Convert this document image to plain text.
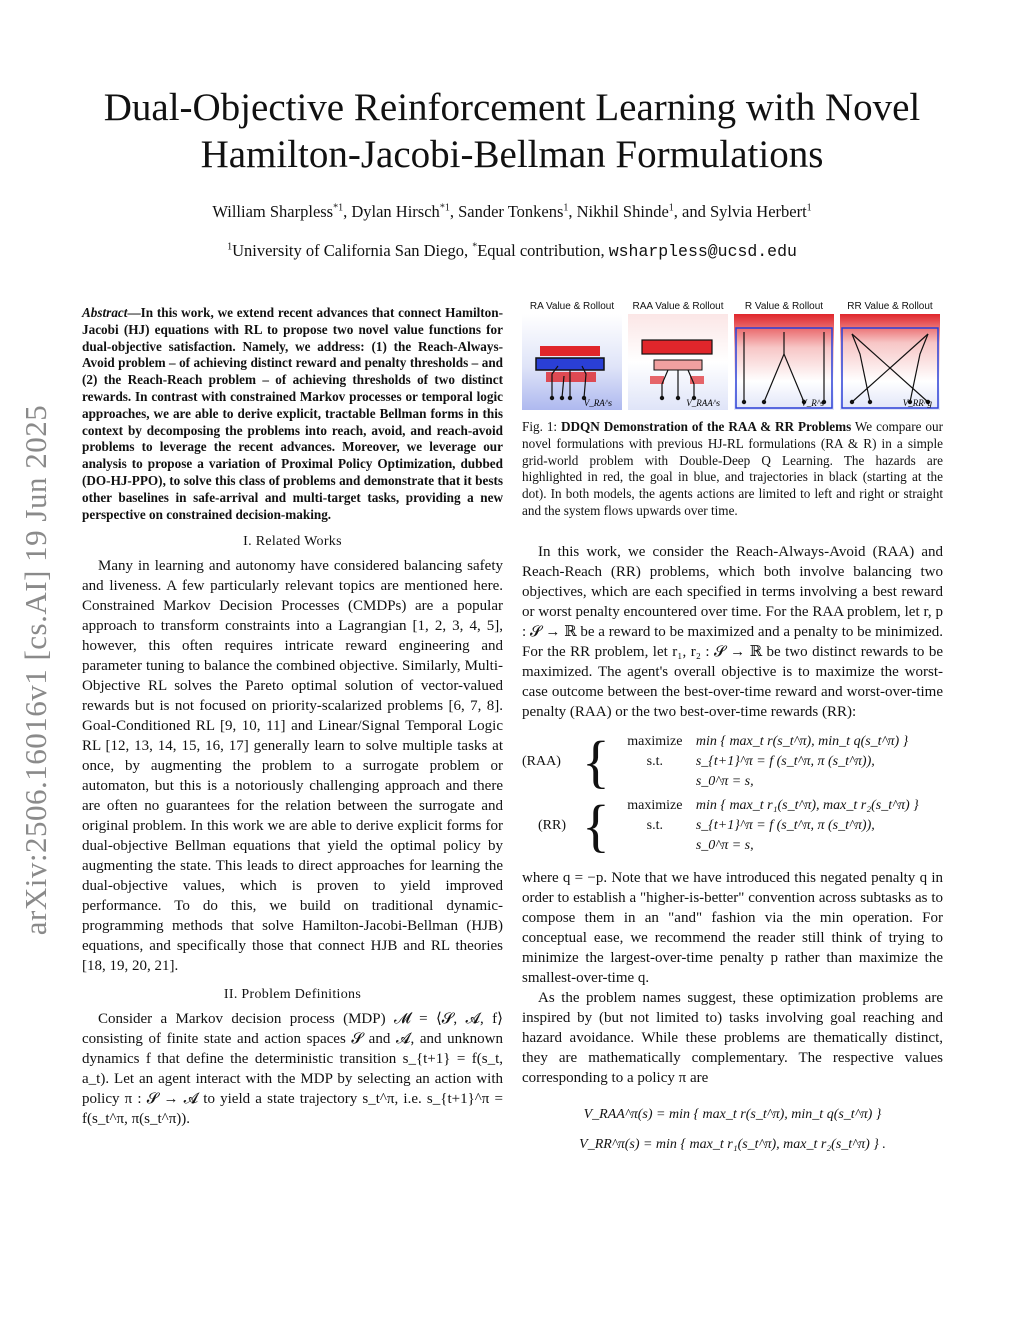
arXiv:2506.16016v1 [cs.AI] 19 Jun 2025
Dual-Objective Reinforcement Learning with Novel
Hamilton-Jacobi-Bellman Formulations
William Sharpless$^{*1}$, Dylan Hirsch$^{*1}$, Sander Tonkens$^1$, Nikhil Shinde$^1$, and Sylvia Herbert$^1$
$^1$University of California San Diego, *Equal contribution, wsharpless@ucsd.edu
Abstract—In this work, we extend recent advances that connect Hamilton-Jacobi (HJ) equations with RL to propose two novel value functions for dual-objective satisfaction. Namely, we address: (1) the Reach-Always-Avoid problem – of achieving distinct reward and penalty thresholds – and (2) the Reach-Reach problem – of achieving thresholds of two distinct rewards. In contrast with constrained Markov processes or temporal logic approaches, we are able to derive explicit, tractable Bellman forms in this context by decomposing the problems into reach, avoid, and reach-avoid problems to leverage the recent advances. Moreover, we leverage our analysis to propose a variation of Proximal Policy Optimization, dubbed (DO-HJ-PPO), to solve this class of problems and demonstrate that it bests other baselines in safe-arrival and multi-target tasks, providing a new perspective on constrained decision-making.
I. Related Works

Many in learning and autonomy have considered balancing safety and liveness. A few particularly relevant topics are mentioned here. Constrained Markov Decision Processes (CMDPs) are a popular approach to transform constraints into a Lagrangian [1, 2, 3, 4, 5], however, this often requires intricate reward engineering and parameter tuning to balance the combined objective. Similarly, Multi-Objective RL solves the Pareto optimal solution of vector-valued rewards but is not focused on priority-scalarized problems [6, 7, 8]. Goal-Conditioned RL [9, 10, 11] and Linear/Signal Temporal Logic RL [12, 13, 14, 15, 16, 17] generally learn to solve multiple tasks at once, by augmenting the problem to a surrogate problem or automaton, but this is a notoriously challenging approach and there are often no guarantees for the relation between the surrogate and original problem. In this work we are able to derive explicit forms for dual-objective Bellman equations that yield the optimal policy by augmenting the state. This leads to direct approaches for learning the dual-objective values, which is proven to yield improved performance. To do this, we build on traditional dynamic-programming methods that solve Hamilton-Jacobi-Bellman (HJB) equations, and specifically those that connect HJB and RL theories [18, 19, 20, 21].

II. Problem Definitions

Consider a Markov decision process (MDP) 𝓜 = ⟨𝓢, 𝓐, f⟩ consisting of finite state and action spaces 𝓢 and 𝓐, and unknown dynamics f that define the deterministic transition s_{t+1} = f(s_t, a_t). Let an agent interact with the MDP by selecting an action with policy π : 𝓢 → 𝓐 to yield a state trajectory s_t^π, i.e. s_{t+1}^π = f(s_t^π, π(s_t^π)).

RA Value & Rollout
V_RA^s
RAA Value & Rollout
V_RAA^s
R Value & Rollout
V_R^s
RR Value & Rollout
V_RR^g
Fig. 1: DDQN Demonstration of the RAA & RR Problems We compare our novel formulations with previous HJ-RL formulations (RA & R) in a simple grid-world problem with Double-Deep Q Learning. The hazards are highlighted in red, the goal in blue, and trajectories in black (starting at the dot). In both models, the agents actions are limited to left and right or straight and the system flows upwards over time.

In this work, we consider the Reach-Always-Avoid (RAA) and Reach-Reach (RR) problems, which both involve balancing two objectives, which are each specified in terms involving a best reward or worst penalty encountered over time. For the RAA problem, let r, p : 𝓢 → ℝ be a reward to be maximized and a penalty to be minimized. For the RR problem, let r₁, r₂ : 𝓢 → ℝ be two distinct rewards to be maximized. The agent's overall objective is to maximize the worst-case outcome between the best-over-time reward and worst-over-time penalty (RAA) or the two best-over-time rewards (RR):

(RAA) {	maximize min { max_t r(s_t^π), min_t q(s_t^π) }
s.t.	s_{t+1}^π = f (s_t^π, π (s_t^π)),
s_0^π = s,
(RR) {	maximize min { max_t r₁(s_t^π), max_t r₂(s_t^π) }
s.t.	s_{t+1}^π = f (s_t^π, π (s_t^π)),
s_0^π = s,

where q = −p. Note that we have introduced this negated penalty q in order to establish a "higher-is-better" convention across subtasks as to compose them in an "and" fashion via the min operation. For conceptual ease, we recommend the reader still think of trying to minimize the largest-over-time penalty p rather than maximize the smallest-over-time q.

As the problem names suggest, these optimization problems are inspired by (but not limited to) tasks involving goal reaching and hazard avoidance. While these problems are thematically distinct, they are mathematically complementary. The respective values corresponding to a policy π are

V_RAA^π(s) = min { max_t r(s_t^π), min_t q(s_t^π) }
V_RR^π(s) = min { max_t r₁(s_t^π), max_t r₂(s_t^π) } .
